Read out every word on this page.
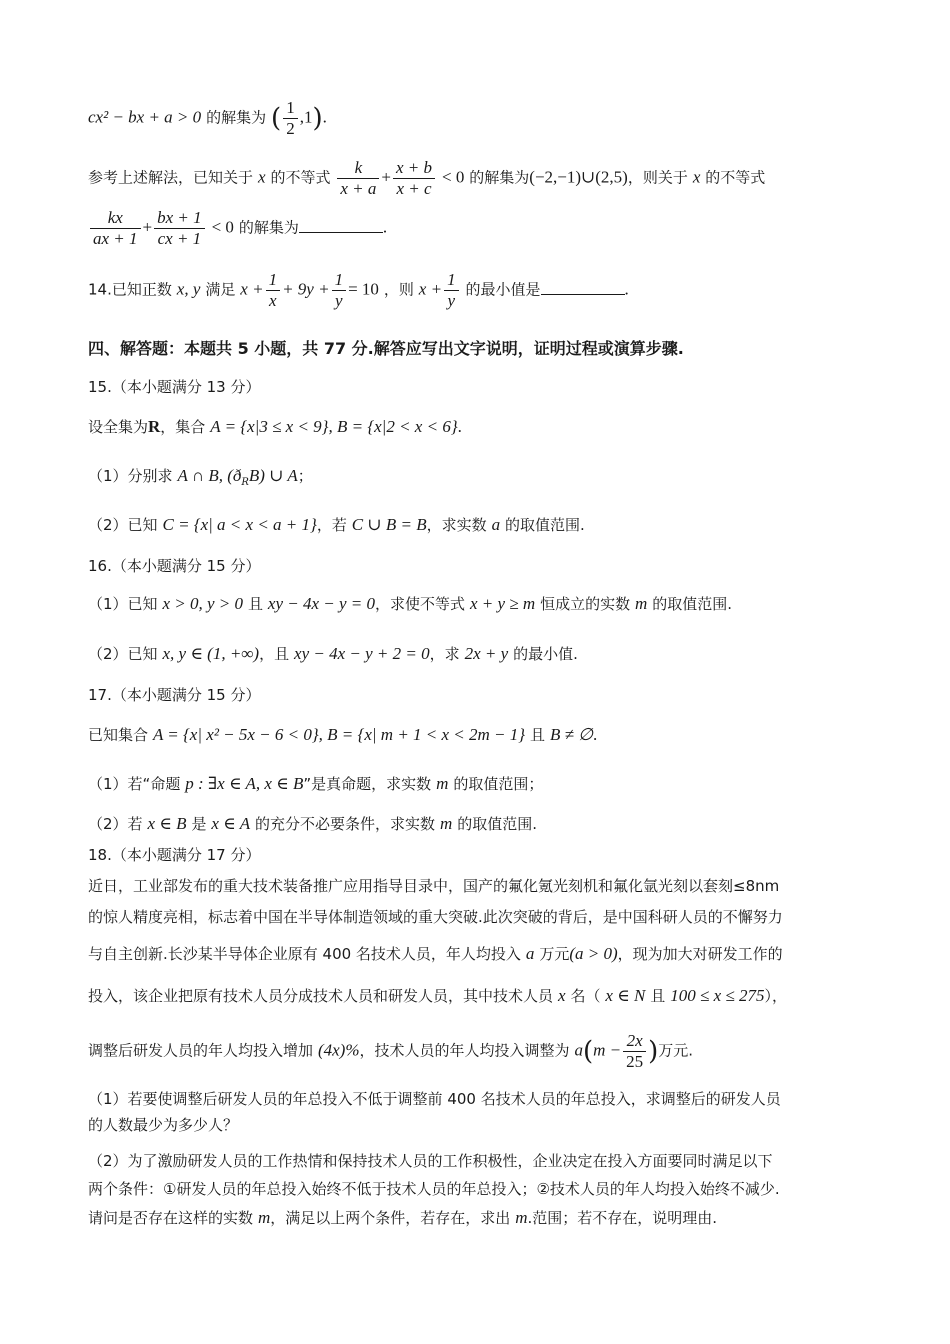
cx² − bx + a > 0 的解集为 ( $\frac{1}{2} ,1$).
参考上述解法，已知关于 x 的不等式 $\frac{k}{x + a} + \frac{x + b}{x + c} < 0$ 的解集为(−2,−1)∪(2,5)，则关于 x 的不等式
$\frac{kx}{ax + 1} + \frac{bx + 1}{cx + 1} < 0$ 的解集为	.
14.已知正数 x, y 满足 $x + \frac{1}{x} + 9y + \frac{1}{y} = 10$ ，则 $x + \frac{1}{y}$ 的最小值是	.
四、解答题：本题共 5 小题，共 77 分.解答应写出文字说明，证明过程或演算步骤.
15.（本小题满分 13 分）
设全集为R，集合 A = {x|3 ≤ x < 9}, B = {x|2 < x < 6}.
（1）分别求 A ∩ B, $(ð_RB)$ ∪ A；
（2）已知 C = {x| a < x < a + 1}，若 C ∪ B = B，求实数 a 的取值范围.
16.（本小题满分 15 分）
（1）已知 x > 0, y > 0 且 xy − 4x − y = 0，求使不等式 x + y ≥ m 恒成立的实数 m 的取值范围.
（2）已知 x, y ∈ (1, +∞)，且 xy − 4x − y + 2 = 0，求 2x + y 的最小值.
17.（本小题满分 15 分）
已知集合 A = {x| x² − 5x − 6 < 0}, B = {x| m + 1 < x < 2m − 1} 且 B ≠ ∅.
（1）若“命题 p : ∃x ∈ A, x ∈ B”是真命题，求实数 m 的取值范围；
（2）若 x ∈ B 是 x ∈ A 的充分不必要条件，求实数 m 的取值范围.
18.（本小题满分 17 分）
近日，工业部发布的重大技术装备推广应用指导目录中，国产的氟化氪光刻机和氟化氩光刻以套刻≤8nm
的惊人精度亮相，标志着中国在半导体制造领域的重大突破.此次突破的背后，是中国科研人员的不懈努力
与自主创新.长沙某半导体企业原有 400 名技术人员，年人均投入 a 万元(a > 0)，现为加大对研发工作的
投入，该企业把原有技术人员分成技术人员和研发人员，其中技术人员 x 名（ x ∈ N 且 100 ≤ x ≤ 275），
调整后研发人员的年人均投入增加 (4x)%，技术人员的年人均投入调整为 $a(m - \frac{2x}{25}$ )万元.
（1）若要使调整后研发人员的年总投入不低于调整前 400 名技术人员的年总投入，求调整后的研发人员
的人数最少为多少人？
（2）为了激励研发人员的工作热情和保持技术人员的工作积极性，企业决定在投入方面要同时满足以下
两个条件：①研发人员的年总投入始终不低于技术人员的年总投入；②技术人员的年人均投入始终不减少.
请问是否存在这样的实数 m，满足以上两个条件，若存在，求出 m.范围；若不存在，说明理由.
